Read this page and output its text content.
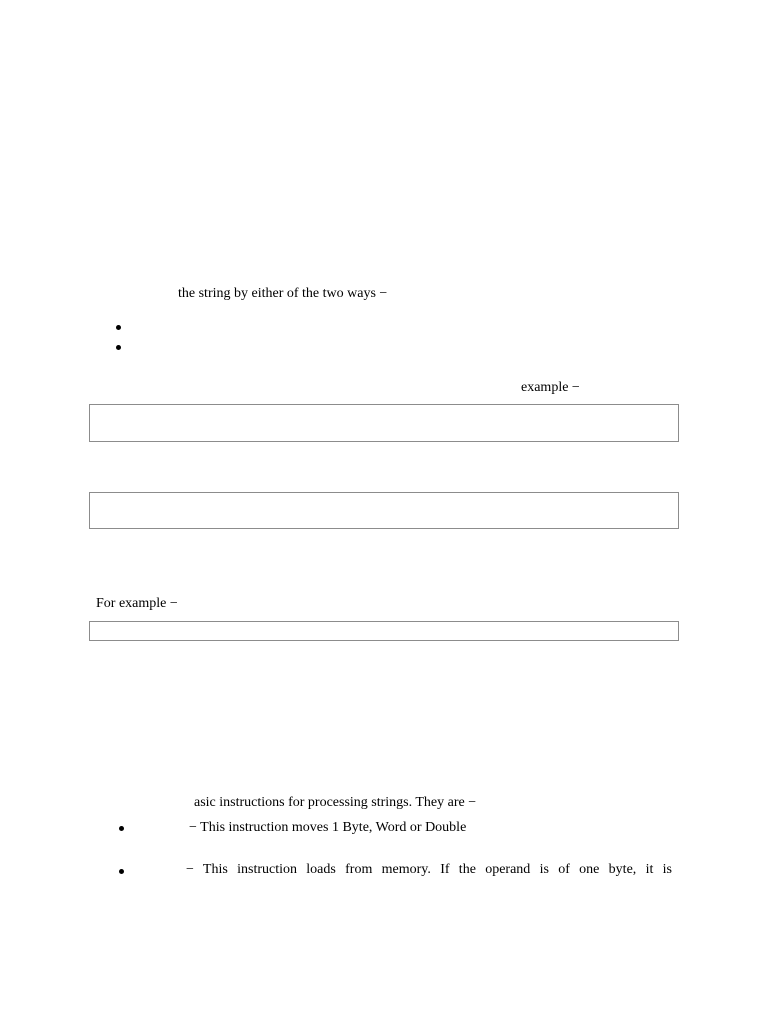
the string by either of the two ways −
example −
For example −
asic instructions for processing strings. They are −
− This instruction moves 1 Byte, Word or Double
− This instruction loads from memory. If the operand is of one byte, it is
